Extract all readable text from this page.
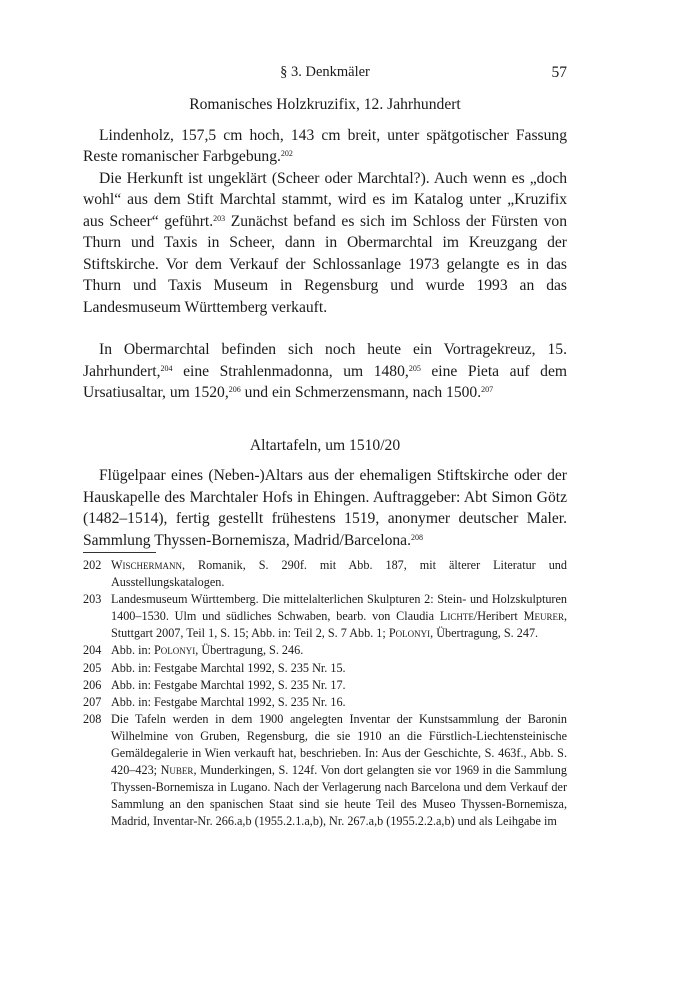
§ 3. Denkmäler	57

Romanisches Holzkruzifix, 12. Jahrhundert

Lindenholz, 157,5 cm hoch, 143 cm breit, unter spätgotischer Fassung Reste romanischer Farbgebung.$^{202}$

Die Herkunft ist ungeklärt (Scheer oder Marchtal?). Auch wenn es „doch wohl“ aus dem Stift Marchtal stammt, wird es im Katalog unter „Kruzifix aus Scheer“ geführt.$^{203}$ Zunächst befand es sich im Schloss der Fürsten von Thurn und Taxis in Scheer, dann in Obermarchtal im Kreuzgang der Stiftskirche. Vor dem Verkauf der Schlossanlage 1973 gelangte es in das Thurn und Taxis Museum in Regensburg und wurde 1993 an das Landesmuseum Württemberg verkauft.

In Obermarchtal befinden sich noch heute ein Vortragekreuz, 15. Jahrhundert,$^{204}$ eine Strahlenmadonna, um 1480,$^{205}$ eine Pieta auf dem Ursatiusaltar, um 1520,$^{206}$ und ein Schmerzensmann, nach 1500.$^{207}$

Altartafeln, um 1510/20

Flügelpaar eines (Neben-)Altars aus der ehemaligen Stiftskirche oder der Hauskapelle des Marchtaler Hofs in Ehingen. Auftraggeber: Abt Simon Götz (1482–1514), fertig gestellt frühestens 1519, anonymer deutscher Maler. Sammlung Thyssen-Bornemisza, Madrid/Barcelona.$^{208}$

202 Wischermann, Romanik, S. 290f. mit Abb. 187, mit älterer Literatur und Ausstellungskatalogen.
203 Landesmuseum Württemberg. Die mittelalterlichen Skulpturen 2: Stein- und Holzskulpturen 1400–1530. Ulm und südliches Schwaben, bearb. von Claudia Lichte/Heribert Meurer, Stuttgart 2007, Teil 1, S. 15; Abb. in: Teil 2, S. 7 Abb. 1; Polonyi, Übertragung, S. 247.
204 Abb. in: Polonyi, Übertragung, S. 246.
205 Abb. in: Festgabe Marchtal 1992, S. 235 Nr. 15.
206 Abb. in: Festgabe Marchtal 1992, S. 235 Nr. 17.
207 Abb. in: Festgabe Marchtal 1992, S. 235 Nr. 16.
208 Die Tafeln werden in dem 1900 angelegten Inventar der Kunstsammlung der Baronin Wilhelmine von Gruben, Regensburg, die sie 1910 an die Fürstlich-Liechtensteinische Gemäldegalerie in Wien verkauft hat, beschrieben. In: Aus der Geschichte, S. 463f., Abb. S. 420–423; Nuber, Munderkingen, S. 124f. Von dort gelangten sie vor 1969 in die Sammlung Thyssen-Bornemisza in Lugano. Nach der Verlagerung nach Barcelona und dem Verkauf der Sammlung an den spanischen Staat sind sie heute Teil des Museo Thyssen-Bornemisza, Madrid, Inventar-Nr. 266.a,b (1955.2.1.a,b), Nr. 267.a,b (1955.2.2.a,b) und als Leihgabe im
